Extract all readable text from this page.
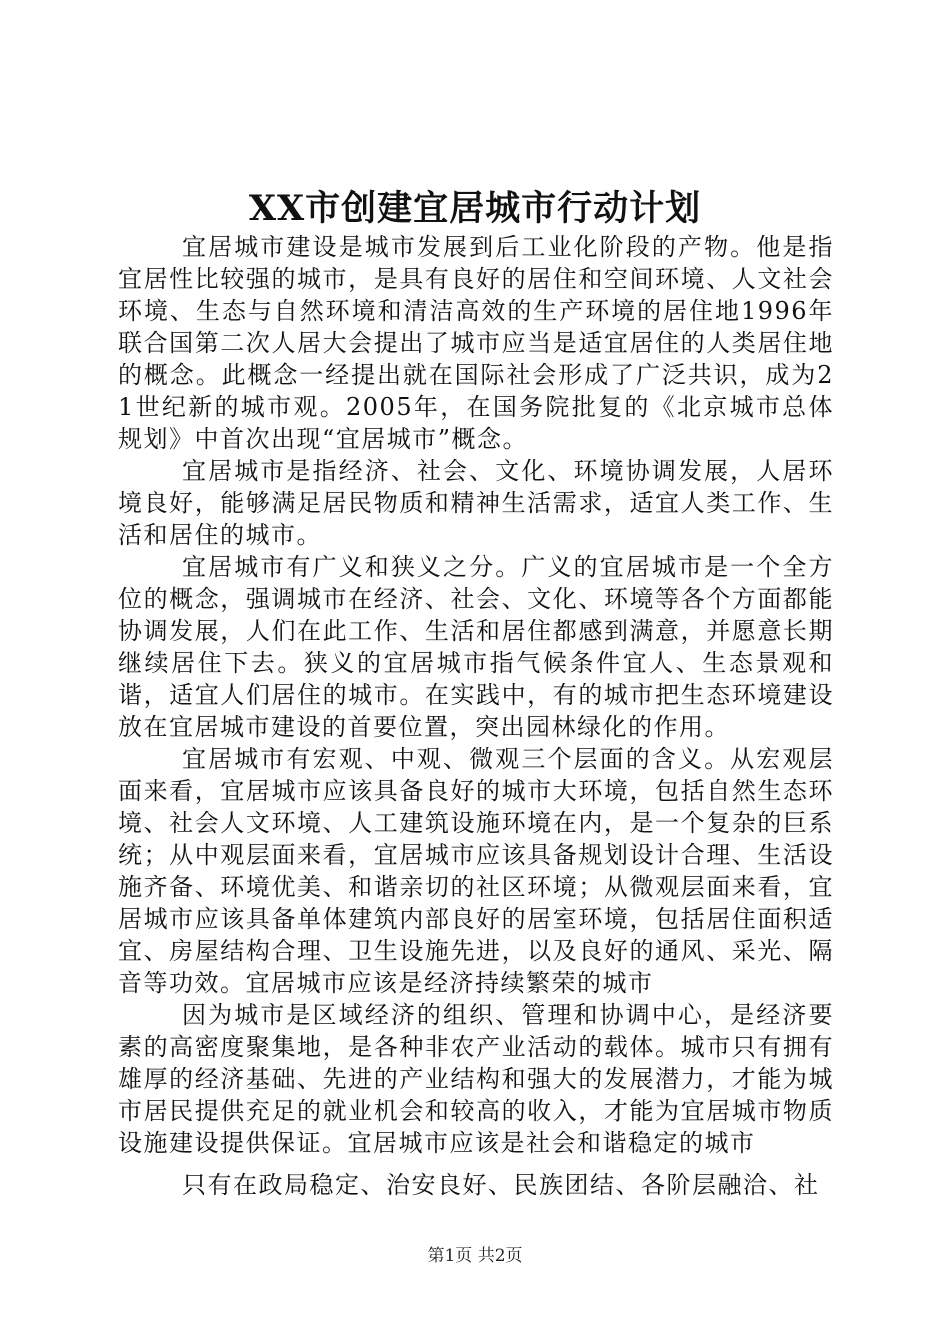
XX市创建宜居城市行动计划

宜居城市建设是城市发展到后工业化阶段的产物。他是指宜居性比较强的城市，是具有良好的居住和空间环境、人文社会环境、生态与自然环境和清洁高效的生产环境的居住地1996年联合国第二次人居大会提出了城市应当是适宜居住的人类居住地的概念。此概念一经提出就在国际社会形成了广泛共识，成为21世纪新的城市观。2005年，在国务院批复的《北京城市总体规划》中首次出现“宜居城市”概念。

宜居城市是指经济、社会、文化、环境协调发展，人居环境良好，能够满足居民物质和精神生活需求，适宜人类工作、生活和居住的城市。

宜居城市有广义和狭义之分。广义的宜居城市是一个全方位的概念，强调城市在经济、社会、文化、环境等各个方面都能协调发展，人们在此工作、生活和居住都感到满意，并愿意长期继续居住下去。狭义的宜居城市指气候条件宜人、生态景观和谐，适宜人们居住的城市。在实践中，有的城市把生态环境建设放在宜居城市建设的首要位置，突出园林绿化的作用。

宜居城市有宏观、中观、微观三个层面的含义。从宏观层面来看，宜居城市应该具备良好的城市大环境，包括自然生态环境、社会人文环境、人工建筑设施环境在内，是一个复杂的巨系统；从中观层面来看，宜居城市应该具备规划设计合理、生活设施齐备、环境优美、和谐亲切的社区环境；从微观层面来看，宜居城市应该具备单体建筑内部良好的居室环境，包括居住面积适宜、房屋结构合理、卫生设施先进，以及良好的通风、采光、隔音等功效。宜居城市应该是经济持续繁荣的城市

因为城市是区域经济的组织、管理和协调中心，是经济要素的高密度聚集地，是各种非农产业活动的载体。城市只有拥有雄厚的经济基础、先进的产业结构和强大的发展潜力，才能为城市居民提供充足的就业机会和较高的收入，才能为宜居城市物质设施建设提供保证。宜居城市应该是社会和谐稳定的城市

只有在政局稳定、治安良好、民族团结、各阶层融洽、社

第1页 共2页
